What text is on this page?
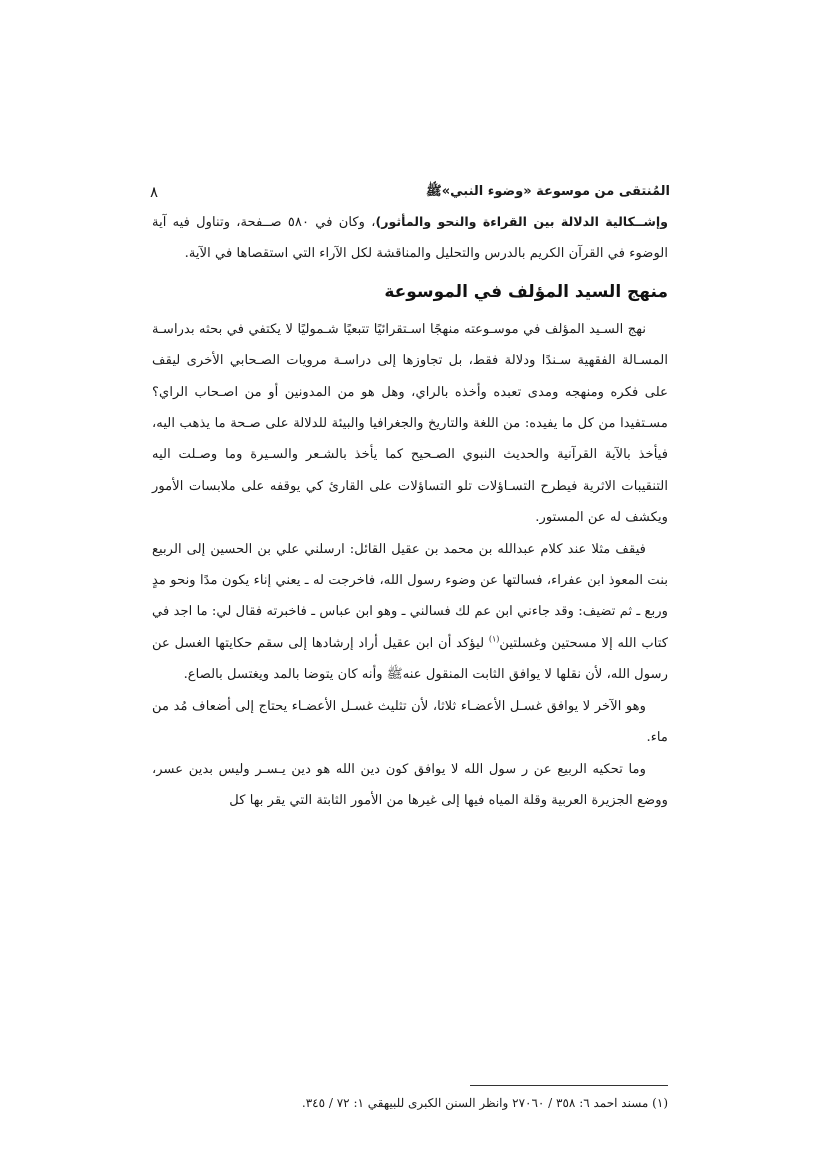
المُنتقى من موسوعة «وضوء النبي»ﷺ
٨

وإشــكالية الدلالة بين القراءة والنحو والمأثور)، وكان في ٥٨٠ صــفحة، وتناول فيه آية الوضوء في القرآن الكريم بالدرس والتحليل والمناقشة لكل الآراء التي استقصاها في الآية.

منهج السيد المؤلف في الموسوعة

نهج السـيد المؤلف في موسـوعته منهجًا اسـتقرائيًا تتبعيًا شـموليًا لا يكتفي في بحثه بدراسـة المسـالة الفقهية سـندًا ودلالة فقط، بل تجاوزها إلى دراسـة مرويات الصـحابي الأخرى ليقف على فكره ومنهجه ومدى تعبده وأخذه بالراي، وهل هو من المدونين أو من اصـحاب الراي؟ مسـتفيدا من كل ما يفيده: من اللغة والتاريخ والجغرافيا والبيئة للدلالة على صـحة ما يذهب اليه، فيأخذ بالآية القرآنية والحديث النبوي الصـحيح كما يأخذ بالشـعر والسـيرة وما وصـلت اليه التنقيبات الاثرية فيطرح التسـاؤلات تلو التساؤلات على القارئ كي يوقفه على ملابسات الأمور ويكشف له عن المستور.

فيقف مثلا عند كلام عبدالله بن محمد بن عقيل القائل: ارسلني علي بن الحسين إلى الربيع بنت المعوذ ابن عفراء، فسالتها عن وضوء رسول الله، فاخرجت له ـ يعني إناء يكون مدًا ونحو مدٍ وربع ـ ثم تضيف: وقد جاءني ابن عم لك فسالني ـ وهو ابن عباس ـ فاخبرته فقال لي: ما اجد في كتاب الله إلا مسحتين وغسلتين$^{(١)}$ ليؤكد أن ابن عقيل أراد إرشادها إلى سقم حكايتها الغسل عن رسول الله، لأن نقلها لا يوافق الثابت المنقول عنهﷺ وأنه كان يتوضا بالمد ويغتسل بالصاع.

وهو الآخر لا يوافق غسـل الأعضـاء ثلاثا، لأن تثليث غسـل الأعضـاء يحتاج إلى أضعاف مُد من ماء.

وما تحكيه الربيع عن ر سول الله لا يوافق كون دين الله هو دين يـسـر وليس بدين عسر، ووضع الجزيرة العربية وقلة المياه فيها إلى غيرها من الأمور الثابتة التي يقر بها كل

(١) مسند احمد ٦: ٣٥٨ / ٢٧٠٦٠ وانظر السنن الكبرى للبيهقي ١: ٧٢ / ٣٤٥.
